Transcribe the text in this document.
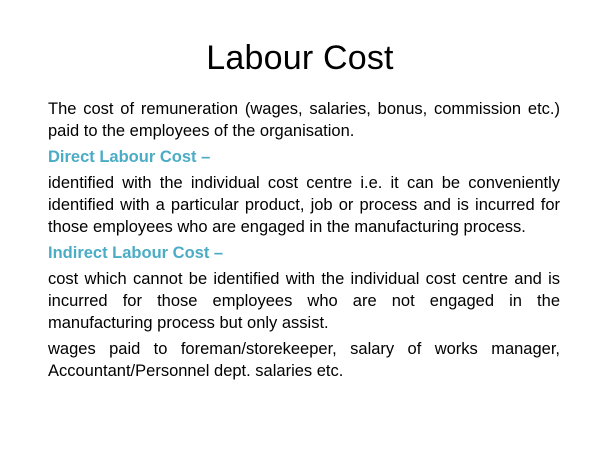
Labour Cost

The cost of remuneration (wages, salaries, bonus, commission etc.) paid to the employees of the organisation.

Direct Labour Cost –

identified with the individual cost centre i.e. it can be conveniently identified with a particular product, job or process and is incurred for those employees who are engaged in the manufacturing process.

Indirect Labour Cost –

cost which cannot be identified with the individual cost centre and is incurred for those employees who are not engaged in the manufacturing process but only assist.

wages paid to foreman/storekeeper, salary of works manager, Accountant/Personnel dept. salaries etc.
